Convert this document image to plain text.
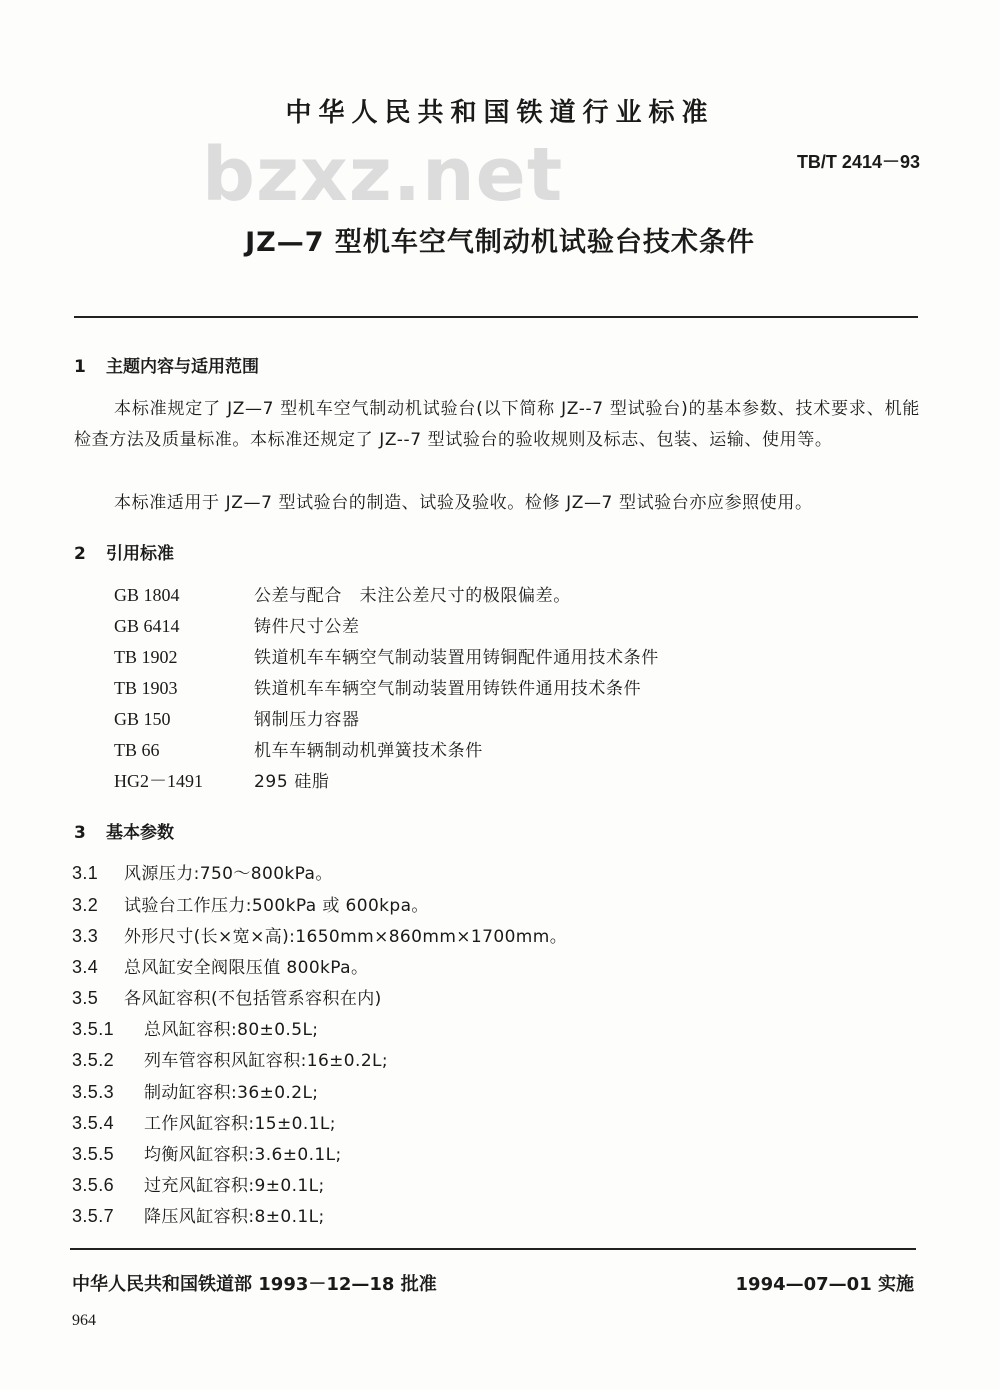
中华人民共和国铁道行业标准
bzxz.net	TB/T 2414－93
JZ—7 型机车空气制动机试验台技术条件
1 主题内容与适用范围
本标准规定了 JZ—7 型机车空气制动机试验台(以下简称 JZ--7 型试验台)的基本参数、技术要求、机能检查方法及质量标准。本标准还规定了 JZ--7 型试验台的验收规则及标志、包装、运输、使用等。
本标准适用于 JZ—7 型试验台的制造、试验及验收。检修 JZ—7 型试验台亦应参照使用。
2 引用标准
GB 1804	公差与配合　未注公差尺寸的极限偏差。
GB 6414	铸件尺寸公差
TB 1902	铁道机车车辆空气制动装置用铸铜配件通用技术条件
TB 1903	铁道机车车辆空气制动装置用铸铁件通用技术条件
GB 150	钢制压力容器
TB 66	机车车辆制动机弹簧技术条件
HG2－1491	295 硅脂
3 基本参数
3.1 风源压力:750～800kPa。
3.2 试验台工作压力:500kPa 或 600kpa。
3.3 外形尺寸(长×宽×高):1650mm×860mm×1700mm。
3.4 总风缸安全阀限压值 800kPa。
3.5 各风缸容积(不包括管系容积在内)
3.5.1 总风缸容积:80±0.5L;
3.5.2 列车管容积风缸容积:16±0.2L;
3.5.3 制动缸容积:36±0.2L;
3.5.4 工作风缸容积:15±0.1L;
3.5.5 均衡风缸容积:3.6±0.1L;
3.5.6 过充风缸容积:9±0.1L;
3.5.7 降压风缸容积:8±0.1L;
中华人民共和国铁道部 1993－12—18 批准	1994—07—01 实施
964
